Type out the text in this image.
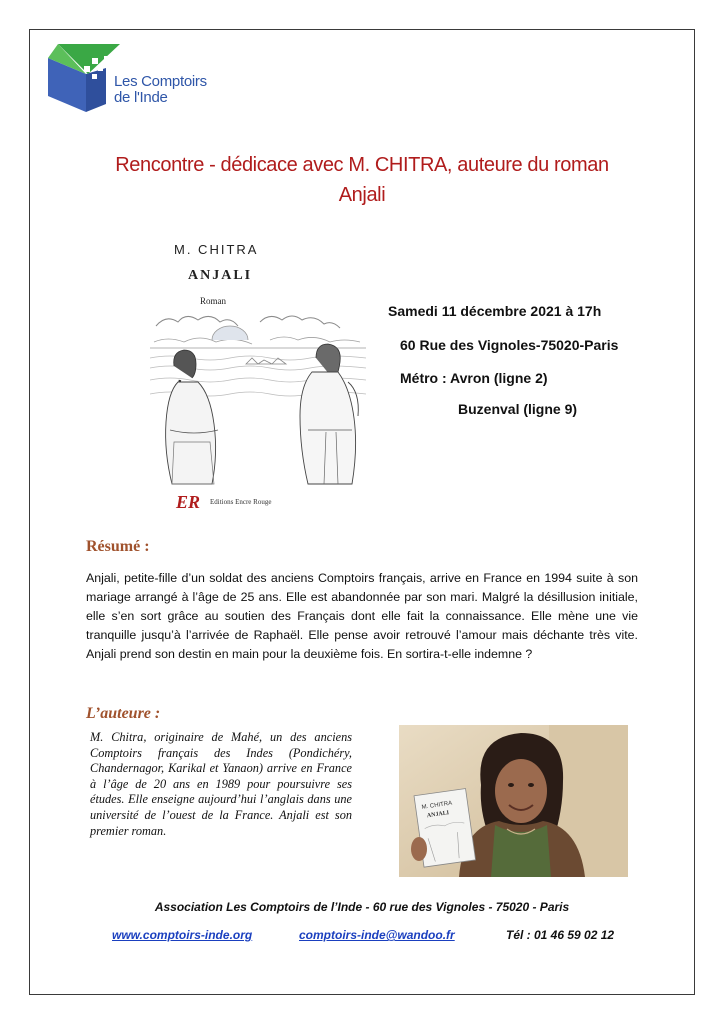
Les Comptoirs
de l'Inde
Rencontre - dédicace avec M. CHITRA, auteure du roman
Anjali
M. CHITRA
ANJALI
Roman
ER Editions Encre Rouge
Samedi 11 décembre 2021 à 17h
60 Rue des Vignoles-75020-Paris
Métro : Avron (ligne 2)
Buzenval (ligne 9)
Résumé :
Anjali, petite-fille d’un soldat des anciens Comptoirs français, arrive en France en 1994 suite à son mariage arrangé à l’âge de 25 ans. Elle est abandonnée par son mari. Malgré la désillusion initiale, elle s’en sort grâce au soutien des Français dont elle fait la connaissance. Elle mène une vie tranquille jusqu’à l’arrivée de Raphaël. Elle pense avoir retrouvé l’amour mais déchante très vite. Anjali prend son destin en main pour la deuxième fois. En sortira-t-elle indemne ?
L’auteure :
M. Chitra, originaire de Mahé, un des anciens Comptoirs français des Indes (Pondichéry, Chandernagor, Karikal et Yanaon) arrive en France à l’âge de 20 ans en 1989 pour poursuivre ses études. Elle enseigne aujourd’hui l’anglais dans une université de l’ouest de la France. Anjali est son premier roman.
M. CHITRA
ANJALI
Association Les Comptoirs de l’Inde - 60 rue des Vignoles - 75020 - Paris
www.comptoirs-inde.org	comptoirs-inde@wandoo.fr	Tél : 01 46 59 02 12
